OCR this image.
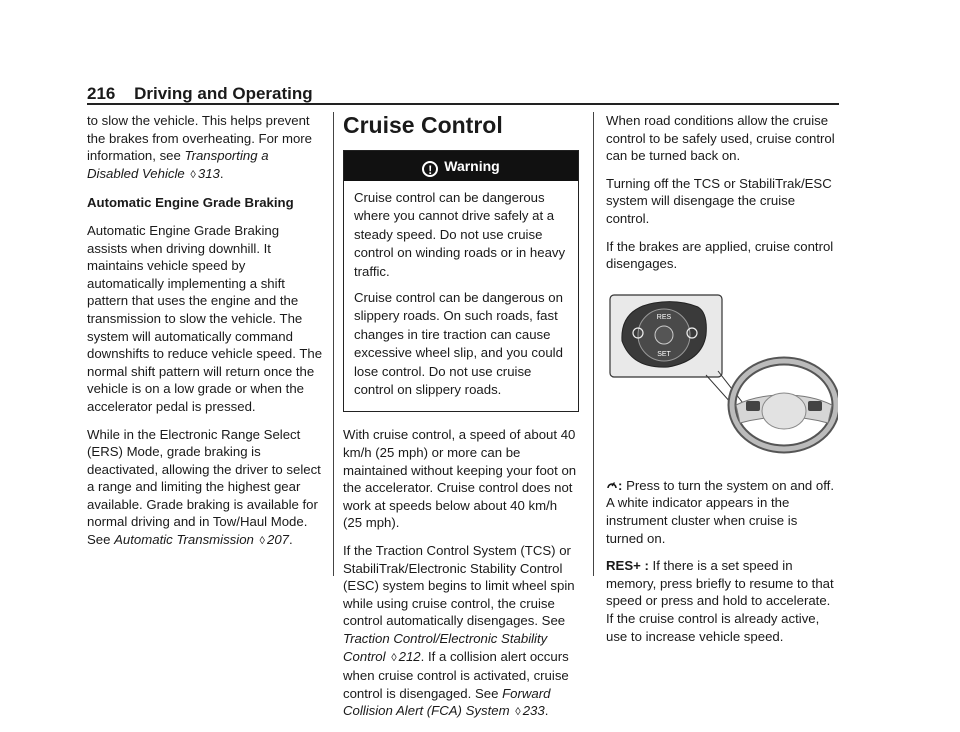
216 Driving and Operating

to slow the vehicle. This helps prevent the brakes from overheating. For more information, see Transporting a Disabled Vehicle ◊ 313.

Automatic Engine Grade Braking

Automatic Engine Grade Braking assists when driving downhill. It maintains vehicle speed by automatically implementing a shift pattern that uses the engine and the transmission to slow the vehicle. The system will automatically command downshifts to reduce vehicle speed. The normal shift pattern will return once the vehicle is on a low grade or when the accelerator pedal is pressed.

While in the Electronic Range Select (ERS) Mode, grade braking is deactivated, allowing the driver to select a range and limiting the highest gear available. Grade braking is available for normal driving and in Tow/Haul Mode. See Automatic Transmission ◊ 207.

Cruise Control
! Warning

Cruise control can be dangerous where you cannot drive safely at a steady speed. Do not use cruise control on winding roads or in heavy traffic.

Cruise control can be dangerous on slippery roads. On such roads, fast changes in tire traction can cause excessive wheel slip, and you could lose control. Do not use cruise control on slippery roads.

With cruise control, a speed of about 40 km/h (25 mph) or more can be maintained without keeping your foot on the accelerator. Cruise control does not work at speeds below about 40 km/h (25 mph).

If the Traction Control System (TCS) or StabiliTrak/Electronic Stability Control (ESC) system begins to limit wheel spin while using cruise control, the cruise control automatically disengages. See Traction Control/Electronic Stability Control ◊ 212. If a collision alert occurs when cruise control is activated, cruise control is disengaged. See Forward Collision Alert (FCA) System ◊ 233.

When road conditions allow the cruise control to be safely used, cruise control can be turned back on.

Turning off the TCS or StabiliTrak/ESC system will disengage the cruise control.

If the brakes are applied, cruise control disengages.

RES
SET

: Press to turn the system on and off. A white indicator appears in the instrument cluster when cruise is turned on.

RES+ : If there is a set speed in memory, press briefly to resume to that speed or press and hold to accelerate. If the cruise control is already active, use to increase vehicle speed.
